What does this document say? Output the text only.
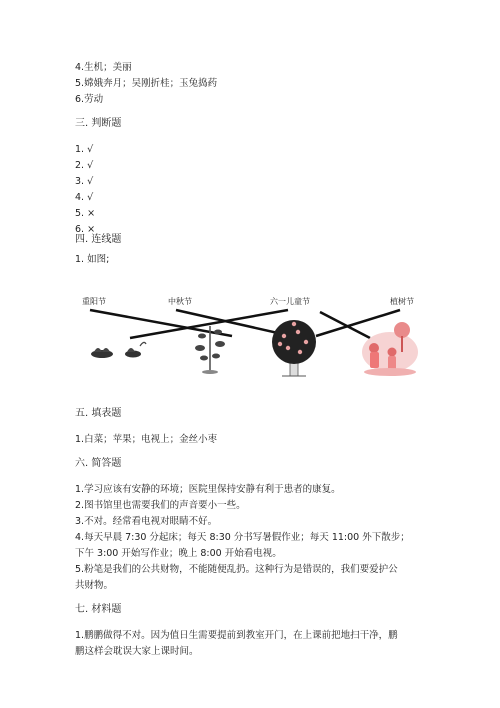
4.生机；美丽
5.嫦娥奔月；吴刚折桂；玉兔捣药
6.劳动
三. 判断题
1. √
2. √
3. √
4. √
5. ×
6. ×
四. 连线题
1. 如图;
重阳节	中秋节	六一儿童节	植树节
五. 填表题
1.白菜；苹果；电视上；金丝小枣
六. 简答题
1.学习应该有安静的环境；医院里保持安静有利于患者的康复。
2.图书馆里也需要我们的声音要小一些。
3.不对。经常看电视对眼睛不好。
4.每天早晨 7:30 分起床；每天 8:30 分书写暑假作业；每天 11:00 外下散步；
下午 3:00 开始写作业；晚上 8:00 开始看电视。
5.粉笔是我们的公共财物，不能随便乱扔。这种行为是错误的，我们要爱护公
共财物。
七. 材料题
1.鹏鹏做得不对。因为值日生需要提前到教室开门，在上课前把地扫干净，鹏
鹏这样会耽误大家上课时间。
